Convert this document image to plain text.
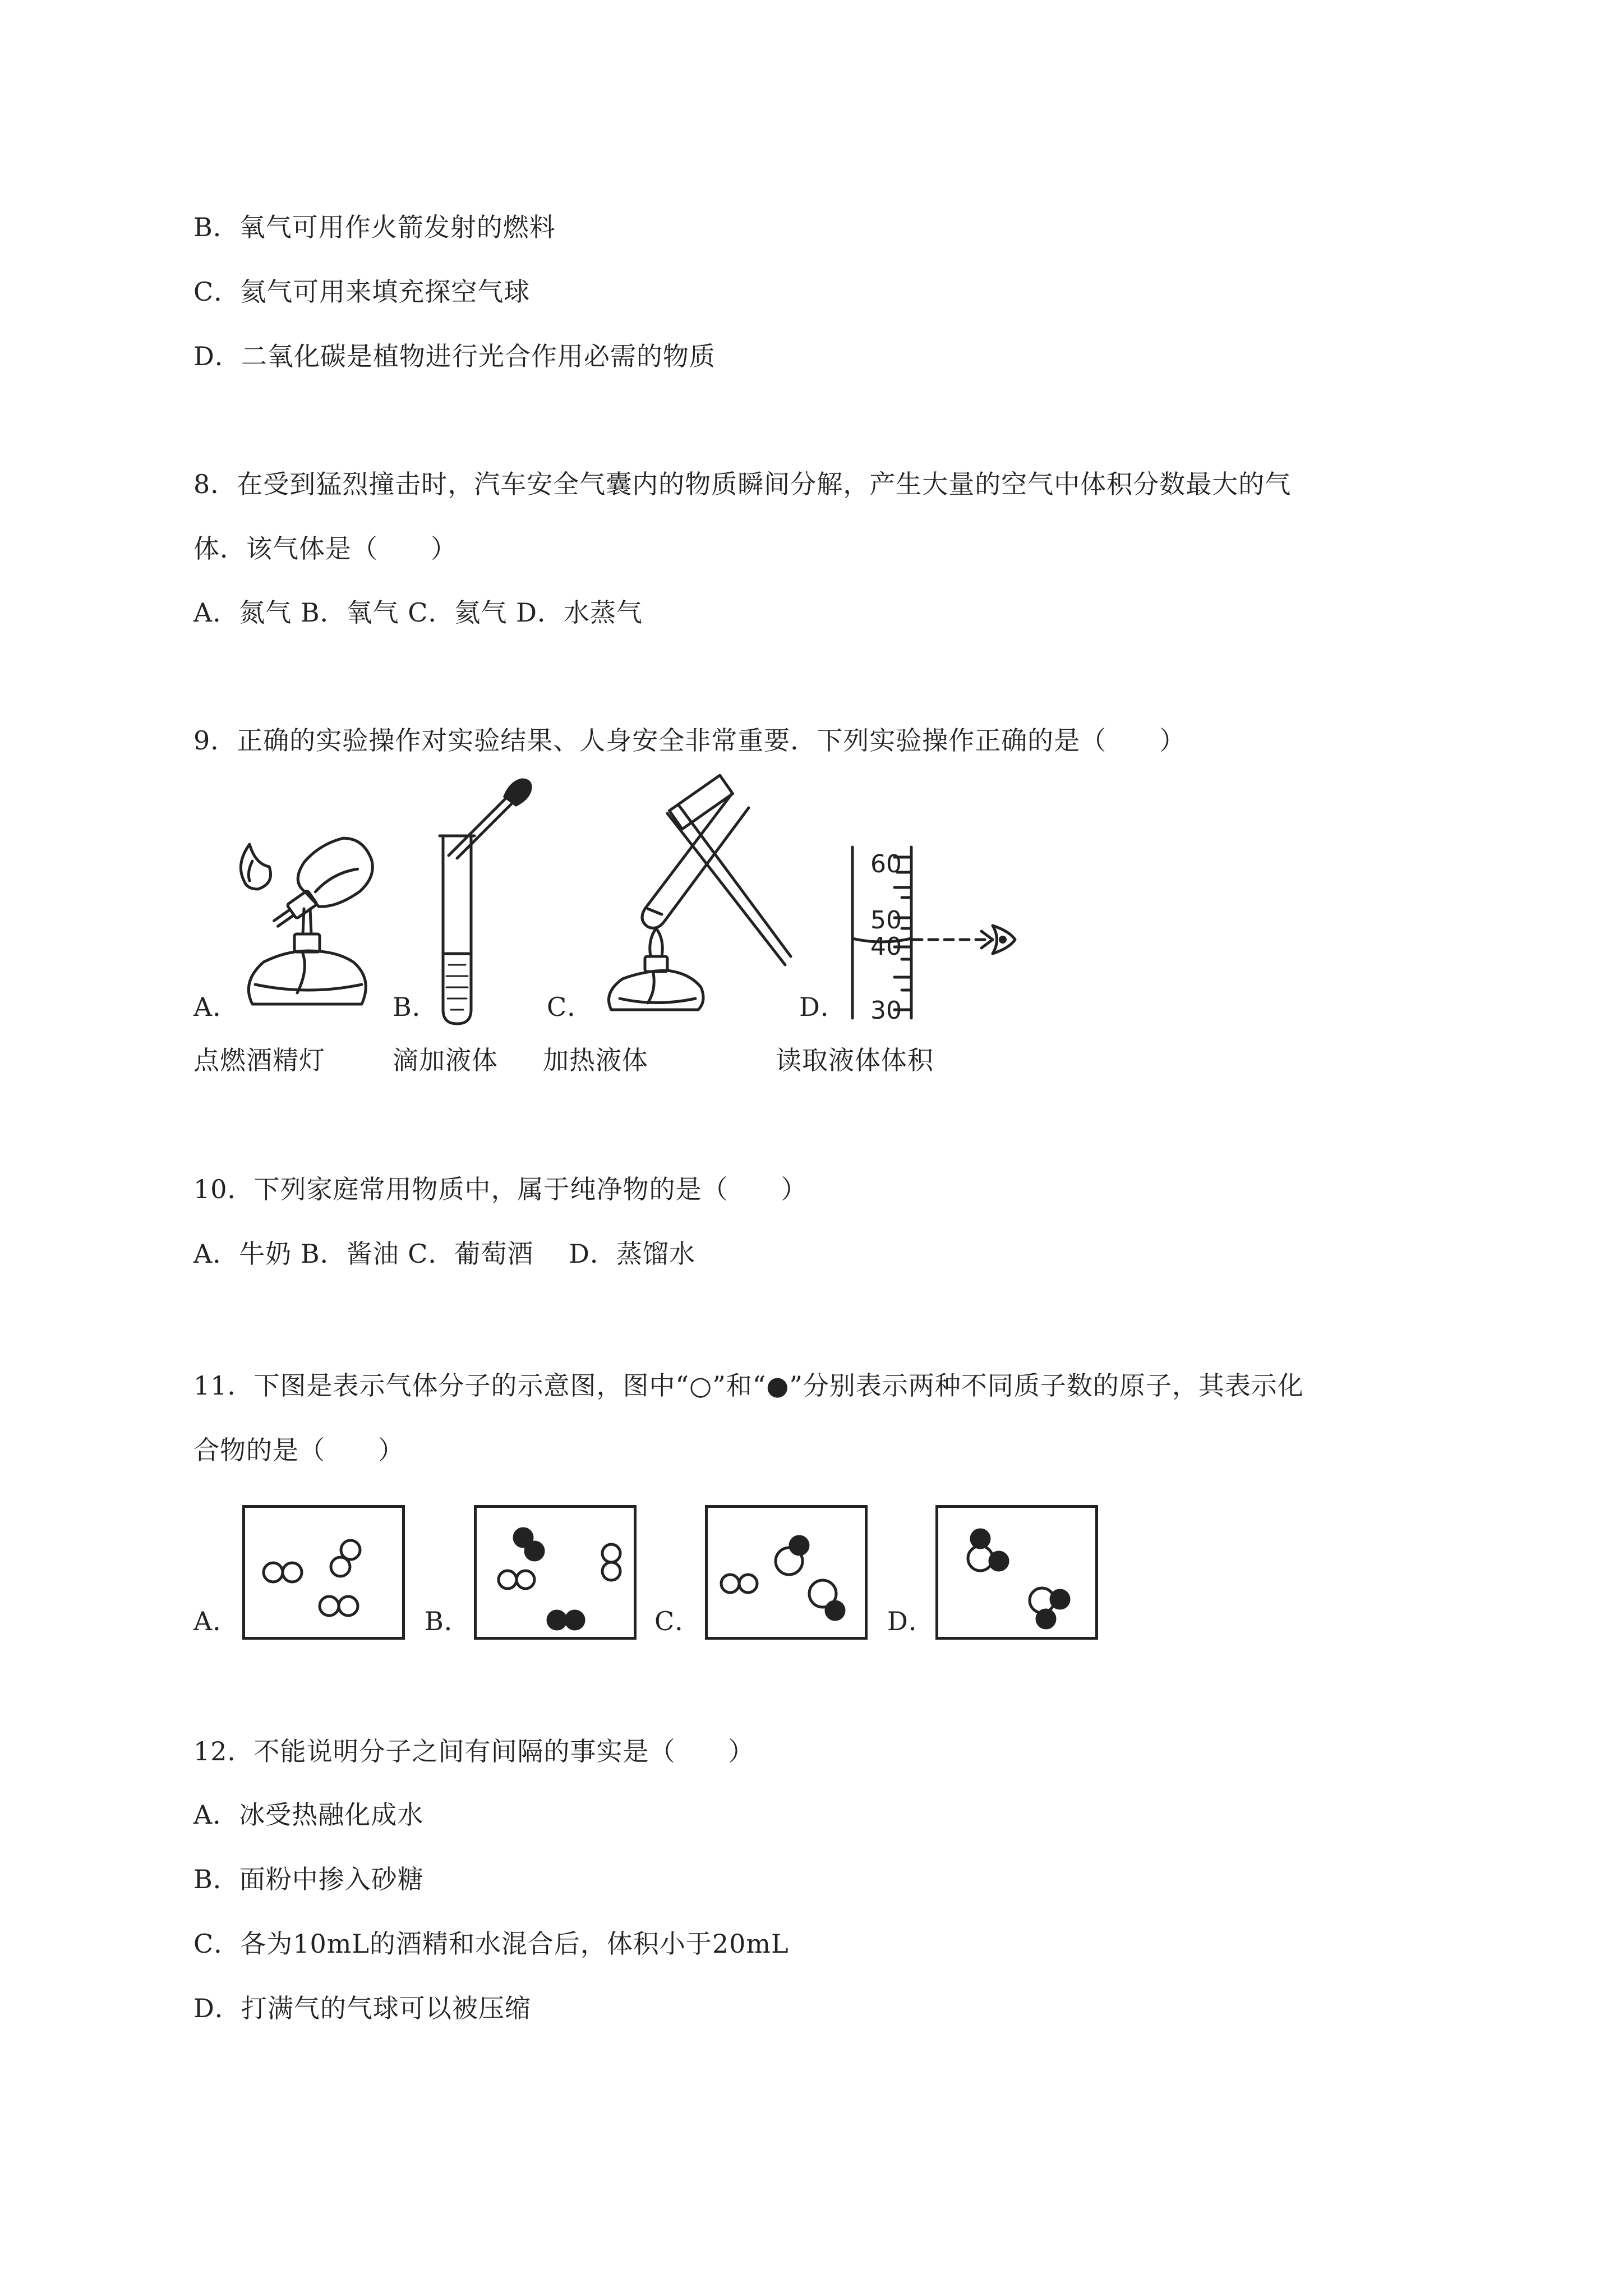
B．氧气可用作火箭发射的燃料
C．氦气可用来填充探空气球
D．二氧化碳是植物进行光合作用必需的物质
8．在受到猛烈撞击时，汽车安全气囊内的物质瞬间分解，产生大量的空气中体积分数最大的气
体．该气体是（　　）
A．氮气 B．氧气 C．氦气 D．水蒸气
9．正确的实验操作对实验结果、人身安全非常重要．下列实验操作正确的是（　　）
A．
点燃酒精灯
B．
滴加液体
C．
加热液体
60
50
40
30
D．
读取液体体积
10．下列家庭常用物质中，属于纯净物的是（　　）
A．牛奶 B．酱油 C．葡萄酒　 D．蒸馏水
11．下图是表示气体分子的示意图，图中“○”和“●”分别表示两种不同质子数的原子，其表示化
合物的是（　　）
A．	B．	C．	D．
12．不能说明分子之间有间隔的事实是（　　）
A．冰受热融化成水
B．面粉中掺入砂糖
C．各为10mL的酒精和水混合后，体积小于20mL
D．打满气的气球可以被压缩
